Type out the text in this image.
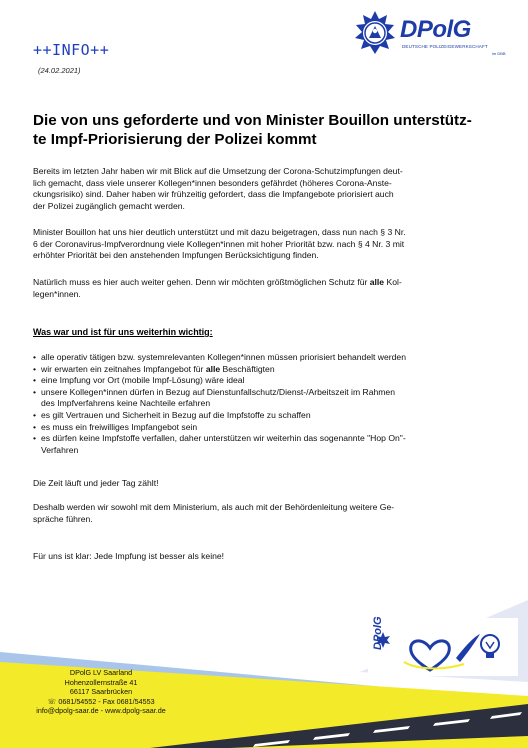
++INFO++
(24.02.2021)
DPolG
DEUTSCHE POLIZEIGEWERKSCHAFT
im DBB
Die von uns geforderte und von Minister Bouillon unterstütz-
te Impf-Priorisierung der Polizei kommt
Bereits im letzten Jahr haben wir mit Blick auf die Umsetzung der Corona-Schutzimpfungen deut-
lich gemacht, dass viele unserer Kollegen*innen besonders gefährdet (höheres Corona-Anste-
ckungsrisiko) sind. Daher haben wir frühzeitig gefordert, dass die Impfangebote priorisiert auch
der Polizei zugänglich gemacht werden.
Minister Bouillon hat uns hier deutlich unterstützt und mit dazu beigetragen, dass nun nach § 3 Nr.
6 der Coronavirus-Impfverordnung viele Kollegen*innen mit hoher Priorität bzw. nach § 4 Nr. 3 mit
erhöhter Priorität bei den anstehenden Impfungen Berücksichtigung finden.
Natürlich muss es hier auch weiter gehen. Denn wir möchten größtmöglichen Schutz für alle Kol-
legen*innen.
Was war und ist für uns weiterhin wichtig:
• alle operativ tätigen bzw. systemrelevanten Kollegen*innen müssen priorisiert behandelt werden
• wir erwarten ein zeitnahes Impfangebot für alle Beschäftigten
• eine Impfung vor Ort (mobile Impf-Lösung) wäre ideal
• unsere Kollegen*innen dürfen in Bezug auf Dienstunfallschutz/Dienst-/Arbeitszeit im Rahmen
des Impfverfahrens keine Nachteile erfahren
• es gilt Vertrauen und Sicherheit in Bezug auf die Impfstoffe zu schaffen
• es muss ein freiwilliges Impfangebot sein
• es dürfen keine Impfstoffe verfallen, daher unterstützen wir weiterhin das sogenannte "Hop On"-
Verfahren
Die Zeit läuft und jeder Tag zählt!
Deshalb werden wir sowohl mit dem Ministerium, als auch mit der Behördenleitung weitere Ge-
spräche führen.
Für uns ist klar: Jede Impfung ist besser als keine!
DPolG
DPolG LV Saarland
Hohenzollernstraße 41
66117 Saarbrücken
☏ 0681/54552 - Fax 0681/54553
info@dpolg-saar.de - www.dpolg-saar.de
